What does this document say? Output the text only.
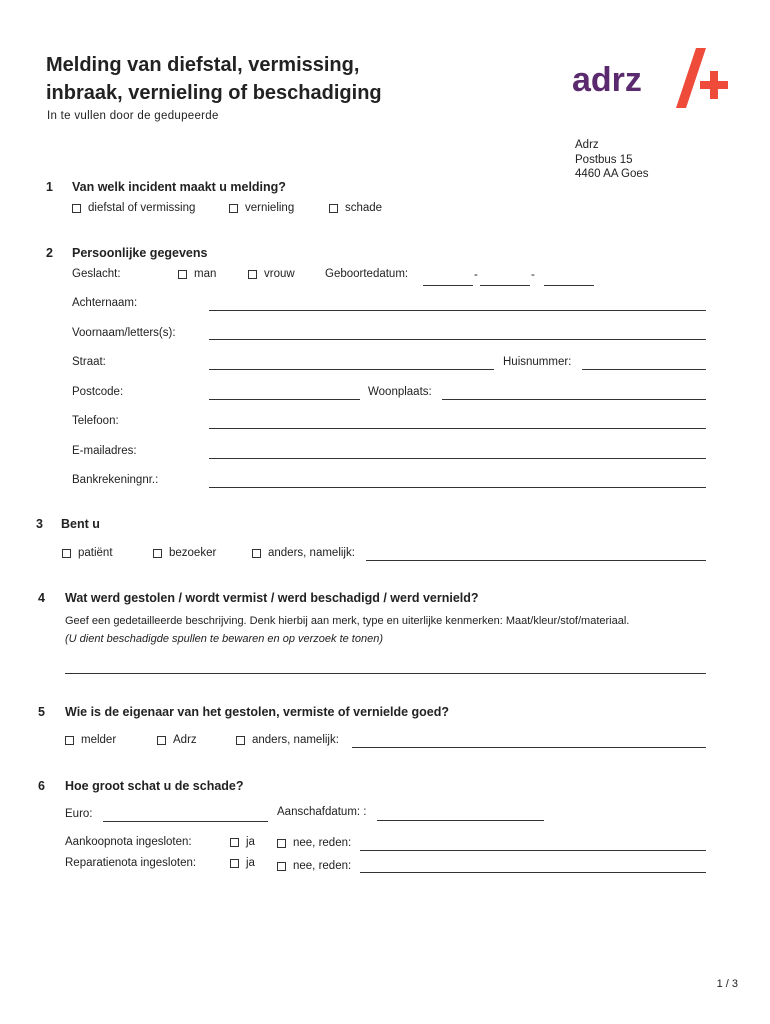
Melding van diefstal, vermissing,
inbraak, vernieling of beschadiging
In te vullen door de gedupeerde
adrz
Adrz
Postbus 15
4460 AA Goes
1 Van welk incident maakt u melding?
diefstal of vermissing	vernieling	schade
2 Persoonlijke gegevens
Geslacht:	man	vrouw	Geboortedatum:	-	-
Achternaam:
Voornaam/letters(s):
Straat:	Huisnummer:
Postcode:	Woonplaats:
Telefoon:
E-mailadres:
Bankrekeningnr.:
3 Bent u
patiënt	bezoeker	anders, namelijk:
4 Wat werd gestolen / wordt vermist / werd beschadigd / werd vernield?
Geef een gedetailleerde beschrijving. Denk hierbij aan merk, type en uiterlijke kenmerken: Maat/kleur/stof/materiaal.
(U dient beschadigde spullen te bewaren en op verzoek te tonen)
5 Wie is de eigenaar van het gestolen, vermiste of vernielde goed?
melder	Adrz	anders, namelijk:
6 Hoe groot schat u de schade?
Euro:	Aanschafdatum: :
Aankoopnota ingesloten:	ja	nee, reden:
Reparatienota ingesloten:	ja	nee, reden:
1 / 3
